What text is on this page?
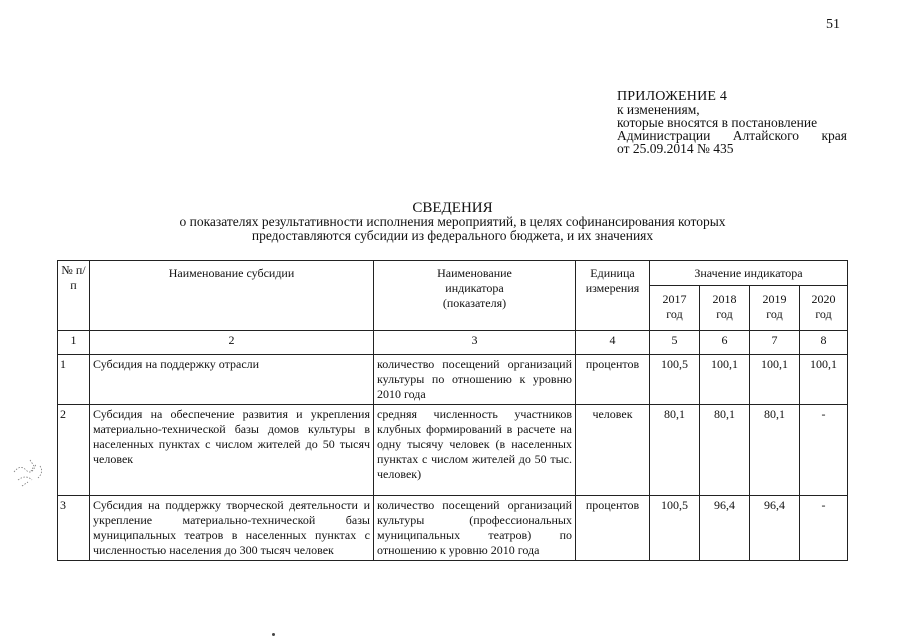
51
ПРИЛОЖЕНИЕ 4
к изменениям,
которые вносятся в постановление
Администрации Алтайского края
от 25.09.2014 № 435
СВЕДЕНИЯ
о показателях результативности исполнения мероприятий, в целях софинансирования которых
предоставляются субсидии из федерального бюджета, и их значениях
№ п/п	Наименование субсидии	Наименование индикатора (показателя)	Единица измерения	Значение индикатора			
				2017 год	2018 год	2019 год	2020 год
1	2	3	4	5	6	7	8
1	Субсидия на поддержку отрасли	количество посещений организаций культуры по отношению к уровню 2010 года	процентов	100,5	100,1	100,1	100,1
2	Субсидия на обеспечение развития и укрепления материально-технической базы домов культуры в населенных пунктах с числом жителей до 50 тысяч человек	средняя численность участников клубных формирований в расчете на одну тысячу человек (в населенных пунктах с числом жителей до 50 тыс. человек)	человек	80,1	80,1	80,1	-
3	Субсидия на поддержку творческой деятельности и укрепление материально-технической базы муниципальных театров в населенных пунктах с численностью населения до 300 тысяч человек	количество посещений организаций культуры (профессиональных муниципальных театров) по отношению к уровню 2010 года	процентов	100,5	96,4	96,4	-
